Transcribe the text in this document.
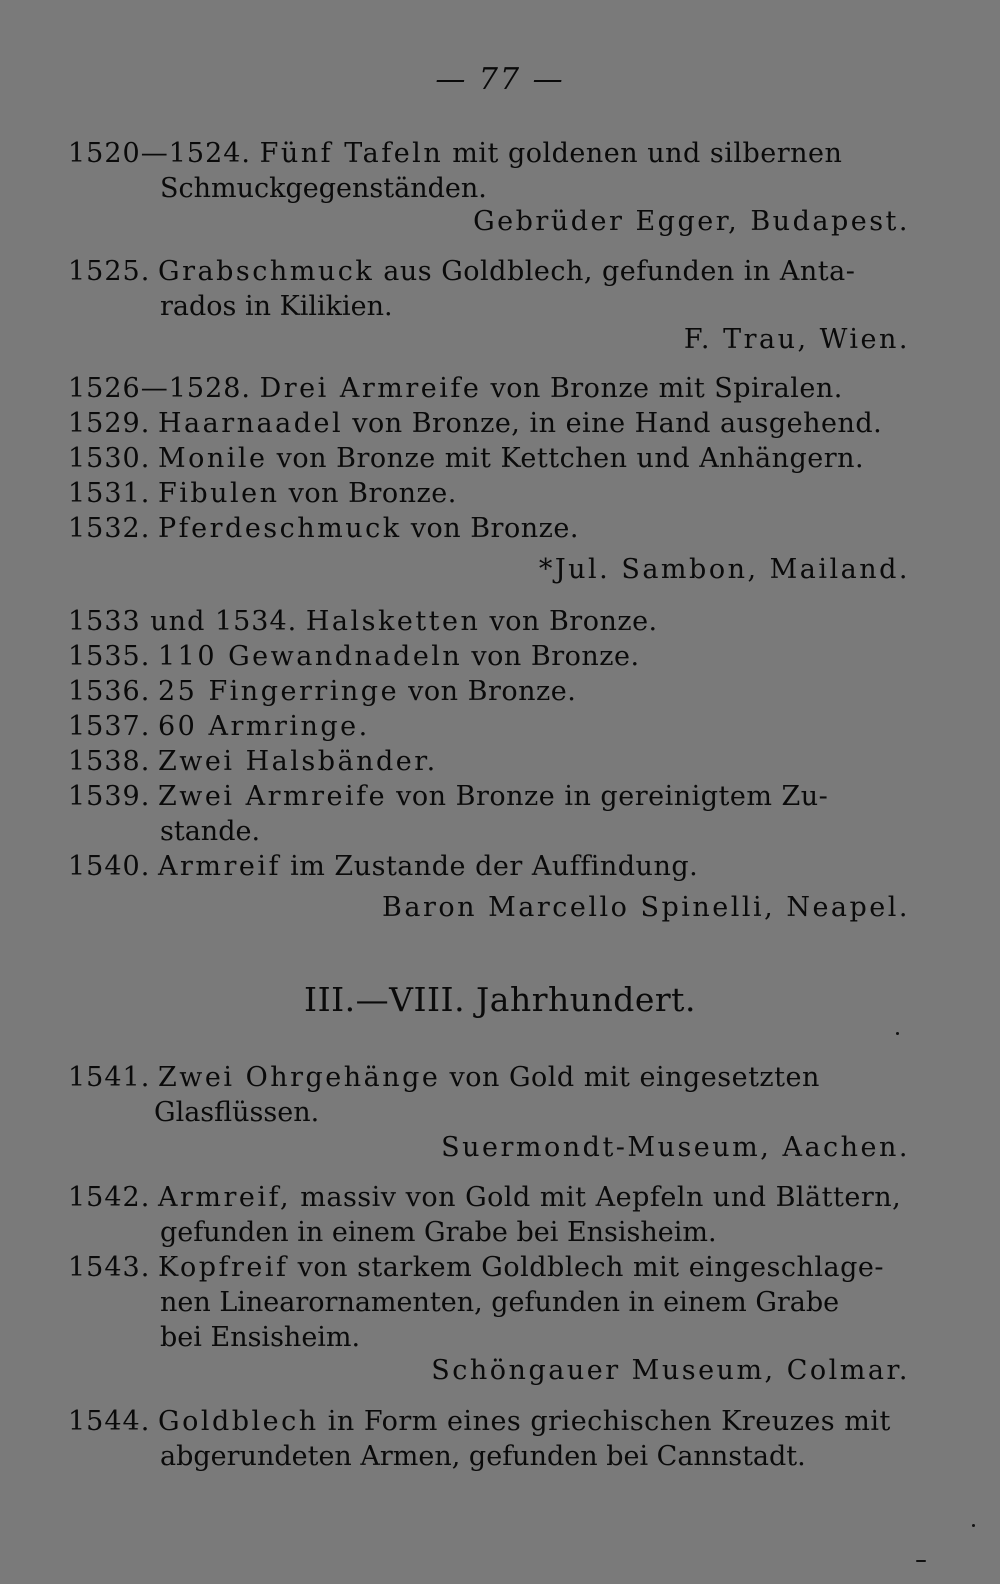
— 77 —
1520—1524. Fünf Tafeln mit goldenen und silbernen
Schmuckgegenständen.
Gebrüder Egger, Budapest.
1525. Grabschmuck aus Goldblech, gefunden in Anta-
rados in Kilikien.
F. Trau, Wien.
1526—1528. Drei Armreife von Bronze mit Spiralen.
1529. Haarnaadel von Bronze, in eine Hand ausgehend.
1530. Monile von Bronze mit Kettchen und Anhängern.
1531. Fibulen von Bronze.
1532. Pferdeschmuck von Bronze.
*Jul. Sambon, Mailand.
1533 und 1534. Halsketten von Bronze.
1535. 110 Gewandnadeln von Bronze.
1536. 25 Fingerringe von Bronze.
1537. 60 Armringe.
1538. Zwei Halsbänder.
1539. Zwei Armreife von Bronze in gereinigtem Zu-
stande.
1540. Armreif im Zustande der Auffindung.
Baron Marcello Spinelli, Neapel.
III.—VIII. Jahrhundert.
1541. Zwei Ohrgehänge von Gold mit eingesetzten
Glasflüssen.
Suermondt-Museum, Aachen.
1542. Armreif, massiv von Gold mit Aepfeln und Blättern,
gefunden in einem Grabe bei Ensisheim.
1543. Kopfreif von starkem Goldblech mit eingeschlage-
nen Linearornamenten, gefunden in einem Grabe
bei Ensisheim.
Schöngauer Museum, Colmar.
1544. Goldblech in Form eines griechischen Kreuzes mit
abgerundeten Armen, gefunden bei Cannstadt.
